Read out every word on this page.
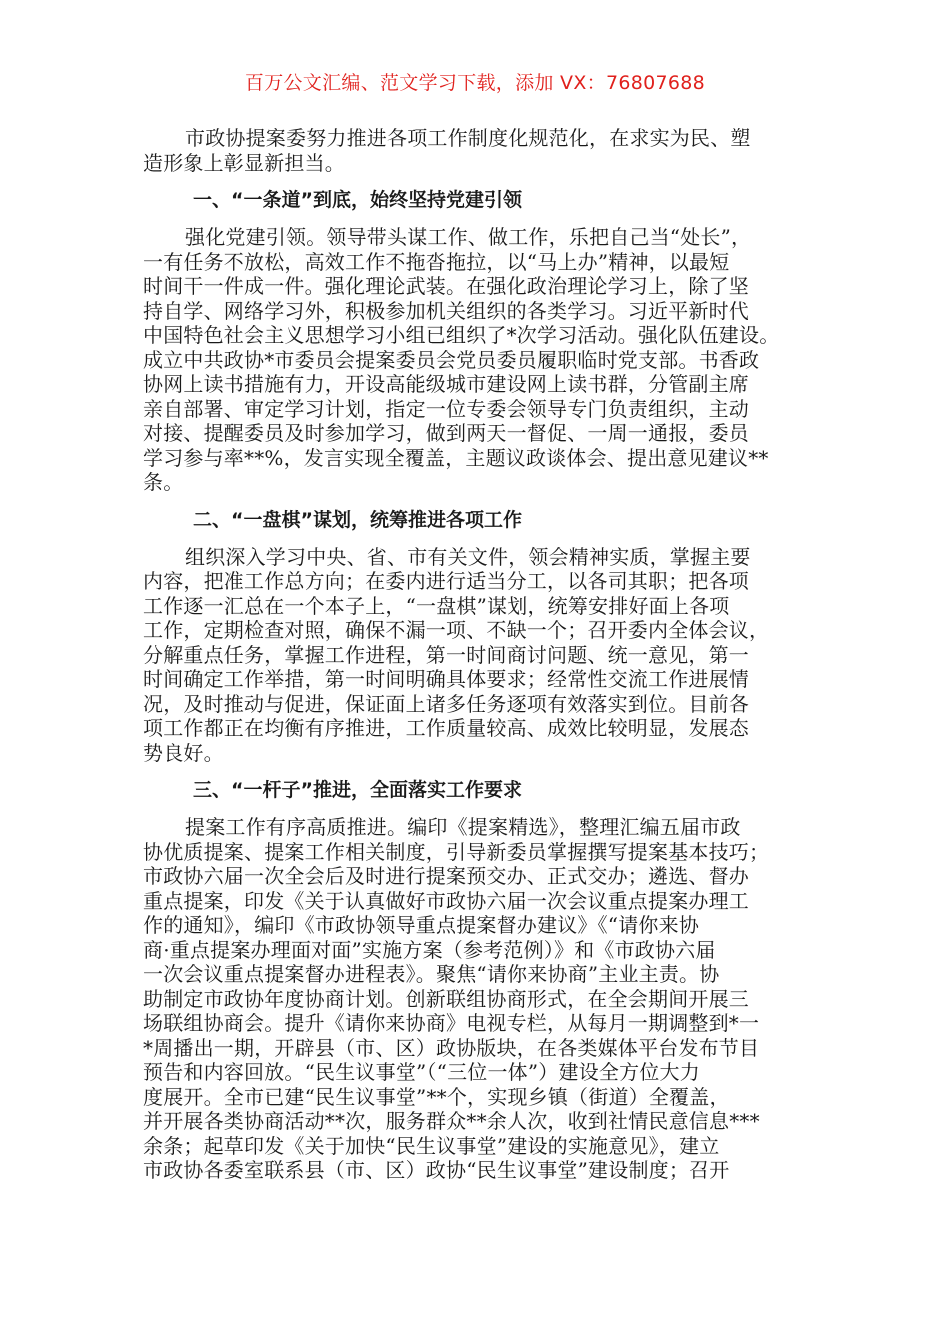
百万公文汇编、范文学习下载，添加 VX：76807688
市政协提案委努力推进各项工作制度化规范化，在求实为民、塑
造形象上彰显新担当。
一、“一条道”到底，始终坚持党建引领
强化党建引领。领导带头谋工作、做工作，乐把自己当“处长”，
一有任务不放松，高效工作不拖沓拖拉，以“马上办”精神，以最短
时间干一件成一件。强化理论武装。在强化政治理论学习上，除了坚
持自学、网络学习外，积极参加机关组织的各类学习。习近平新时代
中国特色社会主义思想学习小组已组织了*次学习活动。强化队伍建设。
成立中共政协*市委员会提案委员会党员委员履职临时党支部。书香政
协网上读书措施有力，开设高能级城市建设网上读书群，分管副主席
亲自部署、审定学习计划，指定一位专委会领导专门负责组织，主动
对接、提醒委员及时参加学习，做到两天一督促、一周一通报，委员
学习参与率**%，发言实现全覆盖，主题议政谈体会、提出意见建议**
条。
二、“一盘棋”谋划，统筹推进各项工作
组织深入学习中央、省、市有关文件，领会精神实质，掌握主要
内容，把准工作总方向；在委内进行适当分工，以各司其职；把各项
工作逐一汇总在一个本子上，“一盘棋”谋划，统筹安排好面上各项
工作，定期检查对照，确保不漏一项、不缺一个；召开委内全体会议，
分解重点任务，掌握工作进程，第一时间商讨问题、统一意见，第一
时间确定工作举措，第一时间明确具体要求；经常性交流工作进展情
况，及时推动与促进，保证面上诸多任务逐项有效落实到位。目前各
项工作都正在均衡有序推进，工作质量较高、成效比较明显，发展态
势良好。
三、“一杆子”推进，全面落实工作要求
提案工作有序高质推进。编印《提案精选》，整理汇编五届市政
协优质提案、提案工作相关制度，引导新委员掌握撰写提案基本技巧；
市政协六届一次全会后及时进行提案预交办、正式交办；遴选、督办
重点提案，印发《关于认真做好市政协六届一次会议重点提案办理工
作的通知》，编印《市政协领导重点提案督办建议》《“请你来协
商·重点提案办理面对面”实施方案（参考范例）》和《市政协六届
一次会议重点提案督办进程表》。聚焦“请你来协商”主业主责。协
助制定市政协年度协商计划。创新联组协商形式，在全会期间开展三
场联组协商会。提升《请你来协商》电视专栏，从每月一期调整到*一
*周播出一期，开辟县（市、区）政协版块，在各类媒体平台发布节目
预告和内容回放。“民生议事堂”（“三位一体”）建设全方位大力
度展开。全市已建“民生议事堂”**个，实现乡镇（街道）全覆盖，
并开展各类协商活动**次，服务群众**余人次，收到社情民意信息***
余条；起草印发《关于加快“民生议事堂”建设的实施意见》，建立
市政协各委室联系县（市、区）政协“民生议事堂”建设制度；召开
